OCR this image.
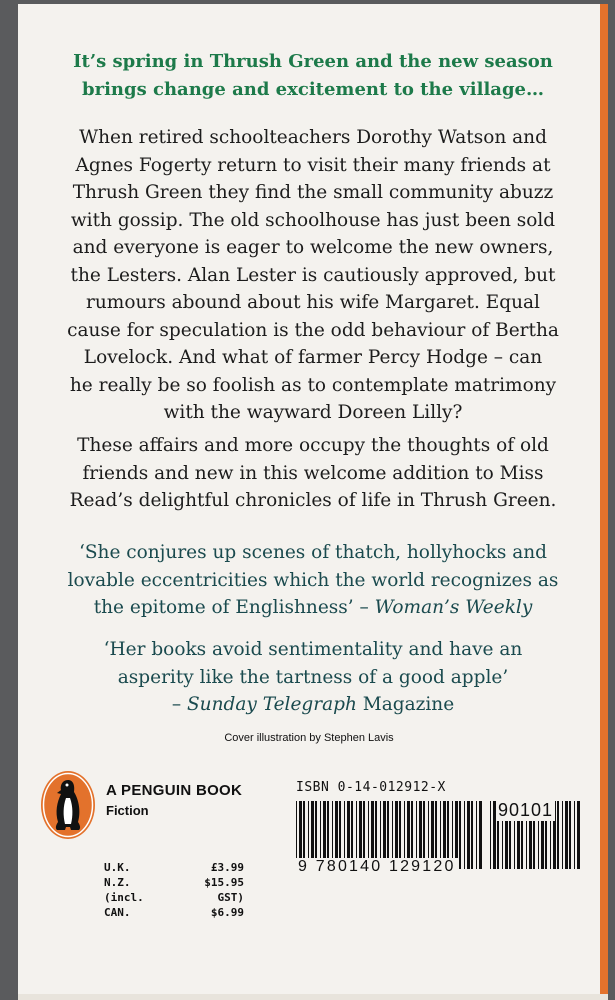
It’s spring in Thrush Green and the new season
brings change and excitement to the village…

When retired schoolteachers Dorothy Watson and
Agnes Fogerty return to visit their many friends at
Thrush Green they find the small community abuzz
with gossip. The old schoolhouse has just been sold
and everyone is eager to welcome the new owners,
the Lesters. Alan Lester is cautiously approved, but
rumours abound about his wife Margaret. Equal
cause for speculation is the odd behaviour of Bertha
Lovelock. And what of farmer Percy Hodge – can
he really be so foolish as to contemplate matrimony
with the wayward Doreen Lilly?

These affairs and more occupy the thoughts of old
friends and new in this welcome addition to Miss
Read’s delightful chronicles of life in Thrush Green.

‘She conjures up scenes of thatch, hollyhocks and
lovable eccentricities which the world recognizes as
the epitome of Englishness’ – Woman’s Weekly

‘Her books avoid sentimentality and have an
asperity like the tartness of a good apple’
– Sunday Telegraph Magazine

Cover illustration by Stephen Lavis
A PENGUIN BOOK
Fiction
U.K.	£3.99
N.Z.	$15.95
(incl.	GST)
CAN.	$6.99
ISBN 0-14-012912-X
90101
9 780140 129120
